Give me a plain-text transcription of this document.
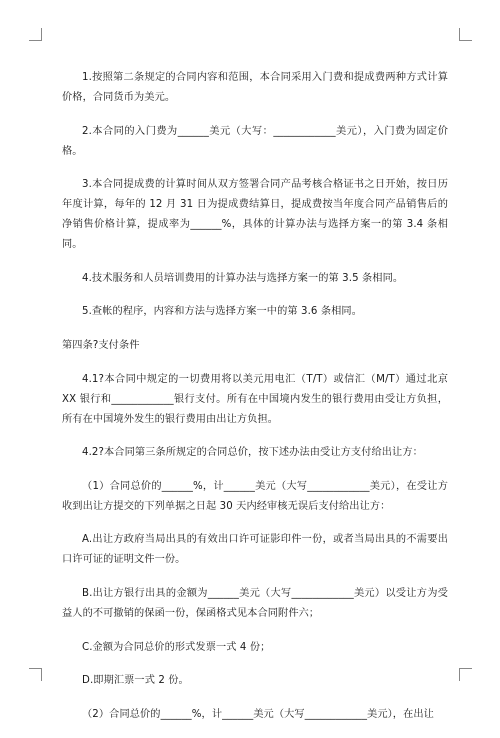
1.按照第二条规定的合同内容和范围，本合同采用入门费和提成费两种方式计算价格，合同货币为美元。

2.本合同的入门费为______美元（大写：____________美元），入门费为固定价格。

3.本合同提成费的计算时间从双方签署合同产品考核合格证书之日开始，按日历年度计算，每年的 12 月 31 日为提成费结算日，提成费按当年度合同产品销售后的净销售价格计算，提成率为______%，具体的计算办法与选择方案一的第 3.4 条相同。

4.技术服务和人员培训费用的计算办法与选择方案一的第 3.5 条相同。

5.查帐的程序，内容和方法与选择方案一中的第 3.6 条相同。

第四条?支付条件

4.1?本合同中规定的一切费用将以美元用电汇（T/T）或信汇（M/T）通过北京XX 银行和____________银行支付。所有在中国境内发生的银行费用由受让方负担，所有在中国境外发生的银行费用由出让方负担。

4.2?本合同第三条所规定的合同总价，按下述办法由受让方支付给出让方：

（1）合同总价的______%，计______美元（大写____________美元），在受让方收到出让方提交的下列单据之日起 30 天内经审核无误后支付给出让方：

A.出让方政府当局出具的有效出口许可证影印件一份，或者当局出具的不需要出口许可证的证明文件一份。

B.出让方银行出具的金额为______美元（大写____________美元）以受让方为受益人的不可撤销的保函一份，保函格式见本合同附件六；

C.金额为合同总价的形式发票一式 4 份；

D.即期汇票一式 2 份。

（2）合同总价的______%，计______美元（大写____________美元），在出让
